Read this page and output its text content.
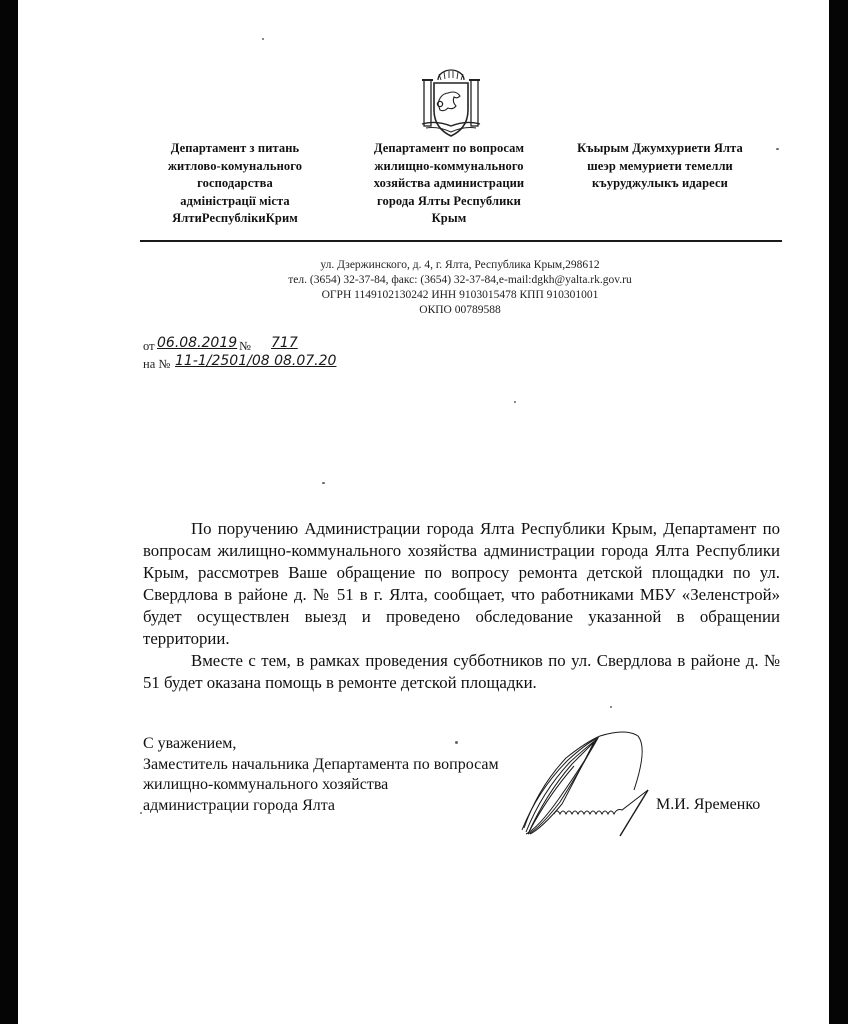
Департамент з питань
житлово-комунального
господарства
адміністрації міста
ЯлтиРеспублікиКрим
Департамент по вопросам
жилищно-коммунального
хозяйства администрации
города Ялты Республики
Крым
Къырым Джумхуриети Ялта
шеэр мемуриети темелли
къуруджулыкъ идареси
ул. Дзержинского, д. 4, г. Ялта, Республика Крым,298612
тел. (3654) 32-37-84, факс: (3654) 32-37-84,e-mail:dgkh@yalta.rk.gov.ru
ОГРН 1149102130242 ИНН 9103015478 КПП 910301001
ОКПО 00789588
от 06.08.2019 № 717
на № 11-1/2501/08 08.07.20

По поручению Администрации города Ялта Республики Крым, Департамент по вопросам жилищно-коммунального хозяйства администрации города Ялта Республики Крым, рассмотрев Ваше обращение по вопросу ремонта детской площадки по ул. Свердлова в районе д. № 51 в г. Ялта, сообщает, что работниками МБУ «Зеленстрой» будет осуществлен выезд и проведено обследование указанной в обращении территории.

Вместе с тем, в рамках проведения субботников по ул. Свердлова в районе д. № 51 будет оказана помощь в ремонте детской площадки.

С уважением,
Заместитель начальника Департамента по вопросам
жилищно-коммунального хозяйства
администрации города Ялта	М.И. Яременко
